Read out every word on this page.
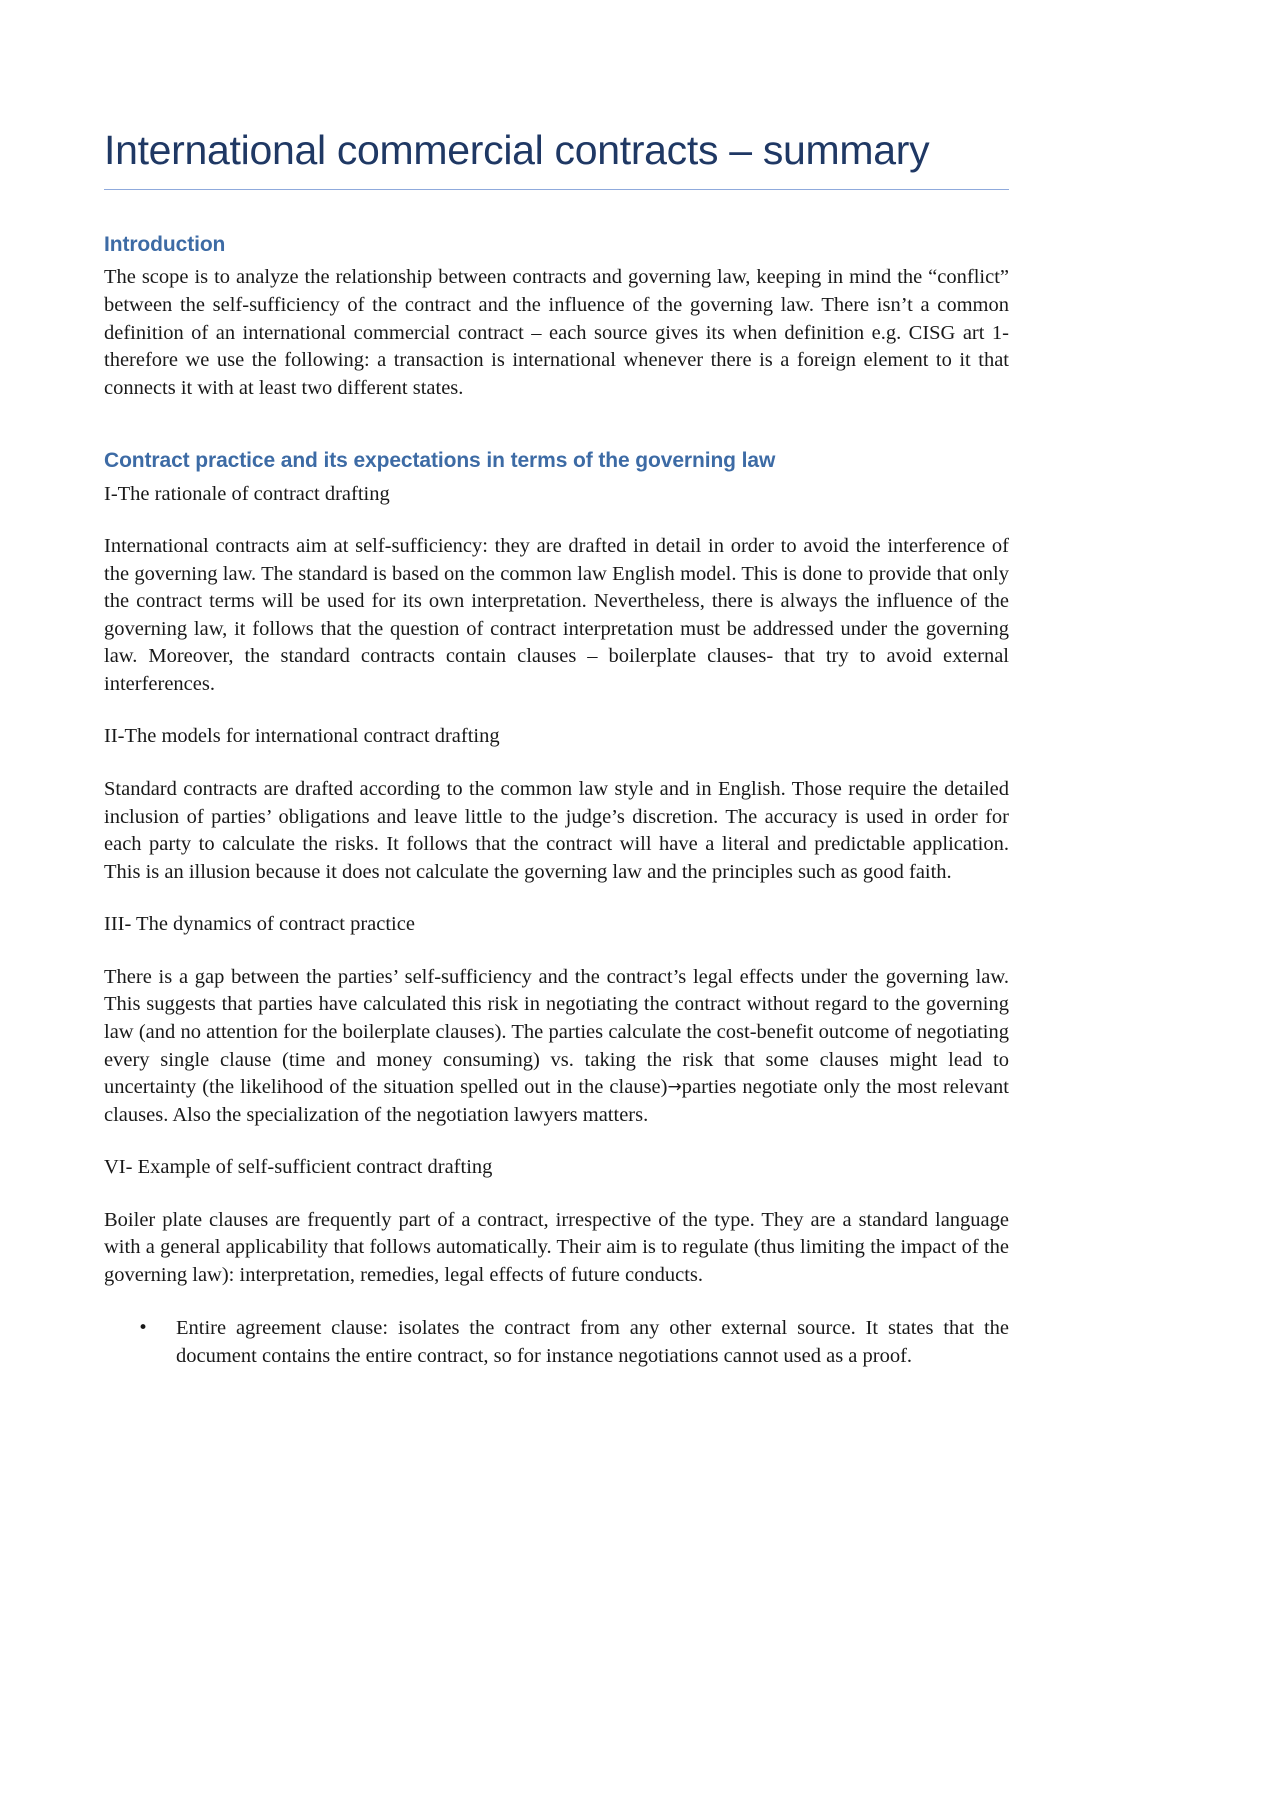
International commercial contracts – summary
Introduction

The scope is to analyze the relationship between contracts and governing law, keeping in mind the “conflict” between the self-sufficiency of the contract and the influence of the governing law. There isn’t a common definition of an international commercial contract – each source gives its when definition e.g. CISG art 1- therefore we use the following: a transaction is international whenever there is a foreign element to it that connects it with at least two different states.

Contract practice and its expectations in terms of the governing law

I-The rationale of contract drafting

International contracts aim at self-sufficiency: they are drafted in detail in order to avoid the interference of the governing law. The standard is based on the common law English model. This is done to provide that only the contract terms will be used for its own interpretation. Nevertheless, there is always the influence of the governing law, it follows that the question of contract interpretation must be addressed under the governing law. Moreover, the standard contracts contain clauses – boilerplate clauses- that try to avoid external interferences.

II-The models for international contract drafting

Standard contracts are drafted according to the common law style and in English. Those require the detailed inclusion of parties’ obligations and leave little to the judge’s discretion. The accuracy is used in order for each party to calculate the risks. It follows that the contract will have a literal and predictable application. This is an illusion because it does not calculate the governing law and the principles such as good faith.

III- The dynamics of contract practice

There is a gap between the parties’ self-sufficiency and the contract’s legal effects under the governing law. This suggests that parties have calculated this risk in negotiating the contract without regard to the governing law (and no attention for the boilerplate clauses). The parties calculate the cost-benefit outcome of negotiating every single clause (time and money consuming) vs. taking the risk that some clauses might lead to uncertainty (the likelihood of the situation spelled out in the clause)→parties negotiate only the most relevant clauses. Also the specialization of the negotiation lawyers matters.

VI- Example of self-sufficient contract drafting

Boiler plate clauses are frequently part of a contract, irrespective of the type. They are a standard language with a general applicability that follows automatically. Their aim is to regulate (thus limiting the impact of the governing law): interpretation, remedies, legal effects of future conducts.

• Entire agreement clause: isolates the contract from any other external source. It states that the document contains the entire contract, so for instance negotiations cannot used as a proof.
